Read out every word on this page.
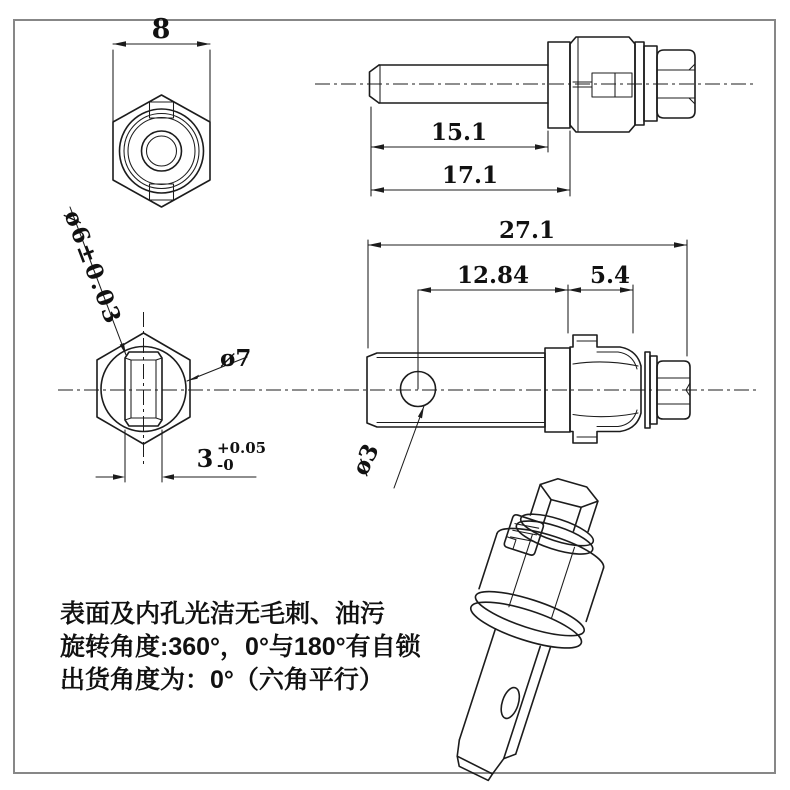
8
15.1
17.1
ø6±0.03
ø7
3 +0.05
-0
27.1
12.84	5.4
ø3
表面及内孔光洁无毛刺、油污
旋转角度:360°，0°与180°有自锁
出货角度为：0°（六角平行）
